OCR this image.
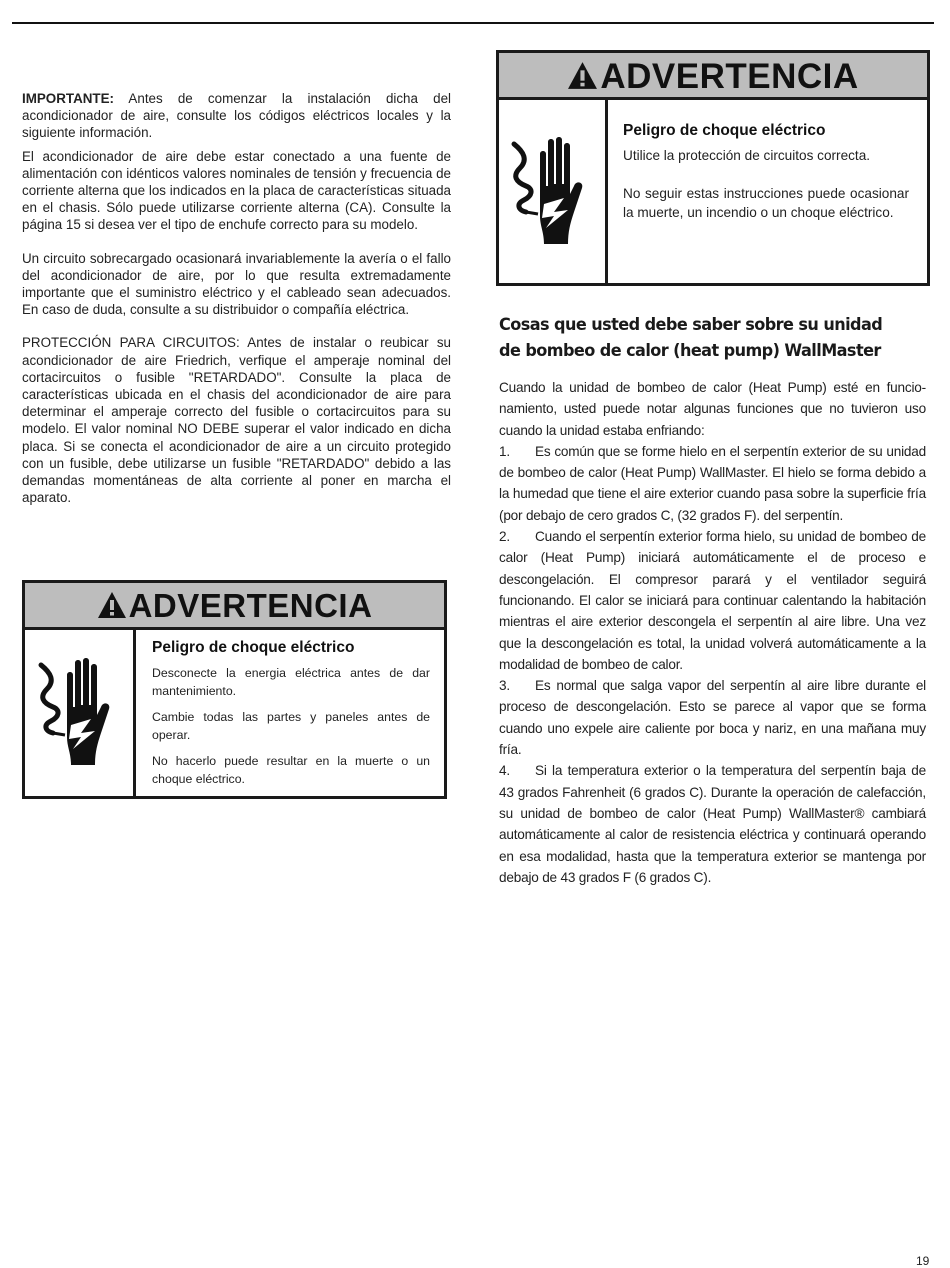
IMPORTANTE: Antes de comenzar la instalación dicha del acondicionador de aire, consulte los códigos eléctricos locales y la siguiente información.

El acondicionador de aire debe estar conectado a una fuente de alimentación con idénticos valores nominales de tensión y frecuencia de corriente alterna que los indicados en la placa de características situada en el chasis. Sólo puede utilizarse corriente alterna (CA). Consulte la página 15 si desea ver el tipo de enchufe correcto para su modelo.

Un circuito sobrecargado ocasionará invariablemente la avería o el fallo del acondicionador de aire, por lo que resulta extremadamente importante que el suministro eléctrico y el cableado sean adecuados. En caso de duda, consulte a su distribuidor o compañía eléctrica.

PROTECCIÓN PARA CIRCUITOS: Antes de instalar o reubicar su acondicionador de aire Friedrich, verfique el amperaje nominal del cortacircuitos o fusible "RETARDADO". Consulte la placa de características ubicada en el chasis del acondicionador de aire para determinar el amperaje correcto del fusible o cortacircuitos para su modelo. El valor nominal NO DEBE superar el valor indicado en dicha placa. Si se conecta el acondicionador de aire a un circuito protegido con un fusible, debe utilizarse un fusible "RETARDADO" debido a las demandas momentáneas de alta corriente al poner en marcha el aparato.

ADVERTENCIA
Peligro de choque eléctrico

Desconecte la energia eléctrica antes de dar mantenimiento.

Cambie todas las partes y paneles antes de operar.

No hacerlo puede resultar en la muerte o un choque eléctrico.

ADVERTENCIA
Peligro de choque eléctrico

Utilice la protección de circuitos correcta.

No seguir estas instrucciones puede ocasionar la muerte, un incendio o un choque eléctrico.

Cosas que usted debe saber sobre su unidad de bombeo de calor (heat pump) WallMaster

Cuando la unidad de bombeo de calor (Heat Pump) esté en funcio-namiento, usted puede notar algunas funciones que no tuvieron uso cuando la unidad estaba enfriando:

1. Es común que se forme hielo en el serpentín exterior de su unidad de bombeo de calor (Heat Pump) WallMaster. El hielo se forma debido a la humedad que tiene el aire exterior cuando pasa sobre la superficie fría (por debajo de cero grados C, (32 grados F). del serpentín.

2. Cuando el serpentín exterior forma hielo, su unidad de bombeo de calor (Heat Pump) iniciará automáticamente el de proceso e descongelación. El compresor parará y el ventilador seguirá funcionando. El calor se iniciará para continuar calentando la habitación mientras el aire exterior descongela el serpentín al aire libre. Una vez que la descongelación es total, la unidad volverá automáticamente a la modalidad de bombeo de calor.

3. Es normal que salga vapor del serpentín al aire libre durante el proceso de descongelación. Esto se parece al vapor que se forma cuando uno expele aire caliente por boca y nariz, en una mañana muy fría.

4. Si la temperatura exterior o la temperatura del serpentín baja de 43 grados Fahrenheit (6 grados C). Durante la operación de calefacción, su unidad de bombeo de calor (Heat Pump) WallMaster® cambiará automáticamente al calor de resistencia eléctrica y continuará operando en esa modalidad, hasta que la temperatura exterior se mantenga por debajo de 43 grados F (6 grados C).

19
